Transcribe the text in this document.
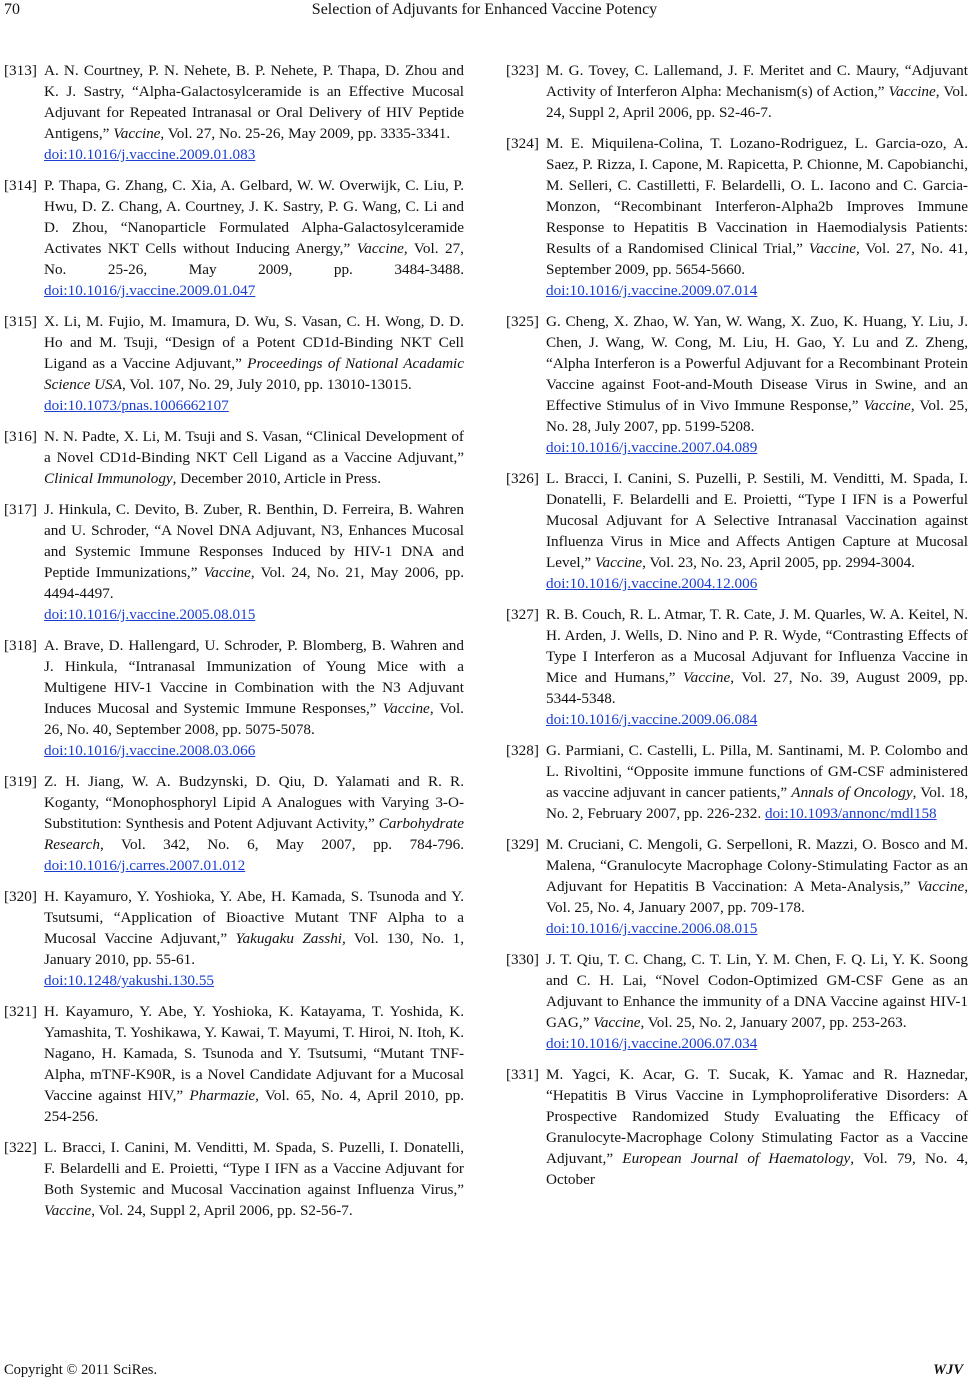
70	Selection of Adjuvants for Enhanced Vaccine Potency
[313] A. N. Courtney, P. N. Nehete, B. P. Nehete, P. Thapa, D. Zhou and K. J. Sastry, “Alpha-Galactosylceramide is an Effective Mucosal Adjuvant for Repeated Intranasal or Oral Delivery of HIV Peptide Antigens,” Vaccine, Vol. 27, No. 25-26, May 2009, pp. 3335-3341.
doi:10.1016/j.vaccine.2009.01.083
[314] P. Thapa, G. Zhang, C. Xia, A. Gelbard, W. W. Overwijk, C. Liu, P. Hwu, D. Z. Chang, A. Courtney, J. K. Sastry, P. G. Wang, C. Li and D. Zhou, “Nanoparticle Formulated Alpha-Galactosylceramide Activates NKT Cells without Inducing Anergy,” Vaccine, Vol. 27, No. 25-26, May 2009, pp. 3484-3488. doi:10.1016/j.vaccine.2009.01.047
[315] X. Li, M. Fujio, M. Imamura, D. Wu, S. Vasan, C. H. Wong, D. D. Ho and M. Tsuji, “Design of a Potent CD1d-Binding NKT Cell Ligand as a Vaccine Adjuvant,” Proceedings of National Acadamic Science USA, Vol. 107, No. 29, July 2010, pp. 13010-13015.
doi:10.1073/pnas.1006662107
[316] N. N. Padte, X. Li, M. Tsuji and S. Vasan, “Clinical Development of a Novel CD1d-Binding NKT Cell Ligand as a Vaccine Adjuvant,” Clinical Immunology, December 2010, Article in Press.
[317] J. Hinkula, C. Devito, B. Zuber, R. Benthin, D. Ferreira, B. Wahren and U. Schroder, “A Novel DNA Adjuvant, N3, Enhances Mucosal and Systemic Immune Responses Induced by HIV-1 DNA and Peptide Immunizations,” Vaccine, Vol. 24, No. 21, May 2006, pp. 4494-4497.
doi:10.1016/j.vaccine.2005.08.015
[318] A. Brave, D. Hallengard, U. Schroder, P. Blomberg, B. Wahren and J. Hinkula, “Intranasal Immunization of Young Mice with a Multigene HIV-1 Vaccine in Combination with the N3 Adjuvant Induces Mucosal and Systemic Immune Responses,” Vaccine, Vol. 26, No. 40, September 2008, pp. 5075-5078.
doi:10.1016/j.vaccine.2008.03.066
[319] Z. H. Jiang, W. A. Budzynski, D. Qiu, D. Yalamati and R. R. Koganty, “Monophosphoryl Lipid A Analogues with Varying 3-O-Substitution: Synthesis and Potent Adjuvant Activity,” Carbohydrate Research, Vol. 342, No. 6, May 2007, pp. 784-796. doi:10.1016/j.carres.2007.01.012
[320] H. Kayamuro, Y. Yoshioka, Y. Abe, H. Kamada, S. Tsunoda and Y. Tsutsumi, “Application of Bioactive Mutant TNF Alpha to a Mucosal Vaccine Adjuvant,” Yakugaku Zasshi, Vol. 130, No. 1, January 2010, pp. 55-61.
doi:10.1248/yakushi.130.55
[321] H. Kayamuro, Y. Abe, Y. Yoshioka, K. Katayama, T. Yoshida, K. Yamashita, T. Yoshikawa, Y. Kawai, T. Mayumi, T. Hiroi, N. Itoh, K. Nagano, H. Kamada, S. Tsunoda and Y. Tsutsumi, “Mutant TNF-Alpha, mTNF-K90R, is a Novel Candidate Adjuvant for a Mucosal Vaccine against HIV,” Pharmazie, Vol. 65, No. 4, April 2010, pp. 254-256.
[322] L. Bracci, I. Canini, M. Venditti, M. Spada, S. Puzelli, I. Donatelli, F. Belardelli and E. Proietti, “Type I IFN as a Vaccine Adjuvant for Both Systemic and Mucosal Vaccination against Influenza Virus,” Vaccine, Vol. 24, Suppl 2, April 2006, pp. S2-56-7.
[323] M. G. Tovey, C. Lallemand, J. F. Meritet and C. Maury, “Adjuvant Activity of Interferon Alpha: Mechanism(s) of Action,” Vaccine, Vol. 24, Suppl 2, April 2006, pp. S2-46-7.
[324] M. E. Miquilena-Colina, T. Lozano-Rodriguez, L. Garcia-ozo, A. Saez, P. Rizza, I. Capone, M. Rapicetta, P. Chionne, M. Capobianchi, M. Selleri, C. Castilletti, F. Belardelli, O. L. Iacono and C. Garcia-Monzon, “Recombinant Interferon-Alpha2b Improves Immune Response to Hepatitis B Vaccination in Haemodialysis Patients: Results of a Randomised Clinical Trial,” Vaccine, Vol. 27, No. 41, September 2009, pp. 5654-5660.
doi:10.1016/j.vaccine.2009.07.014
[325] G. Cheng, X. Zhao, W. Yan, W. Wang, X. Zuo, K. Huang, Y. Liu, J. Chen, J. Wang, W. Cong, M. Liu, H. Gao, Y. Lu and Z. Zheng, “Alpha Interferon is a Powerful Adjuvant for a Recombinant Protein Vaccine against Foot-and-Mouth Disease Virus in Swine, and an Effective Stimulus of in Vivo Immune Response,” Vaccine, Vol. 25, No. 28, July 2007, pp. 5199-5208.
doi:10.1016/j.vaccine.2007.04.089
[326] L. Bracci, I. Canini, S. Puzelli, P. Sestili, M. Venditti, M. Spada, I. Donatelli, F. Belardelli and E. Proietti, “Type I IFN is a Powerful Mucosal Adjuvant for A Selective Intranasal Vaccination against Influenza Virus in Mice and Affects Antigen Capture at Mucosal Level,” Vaccine, Vol. 23, No. 23, April 2005, pp. 2994-3004.
doi:10.1016/j.vaccine.2004.12.006
[327] R. B. Couch, R. L. Atmar, T. R. Cate, J. M. Quarles, W. A. Keitel, N. H. Arden, J. Wells, D. Nino and P. R. Wyde, “Contrasting Effects of Type I Interferon as a Mucosal Adjuvant for Influenza Vaccine in Mice and Humans,” Vaccine, Vol. 27, No. 39, August 2009, pp. 5344-5348.
doi:10.1016/j.vaccine.2009.06.084
[328] G. Parmiani, C. Castelli, L. Pilla, M. Santinami, M. P. Colombo and L. Rivoltini, “Opposite immune functions of GM-CSF administered as vaccine adjuvant in cancer patients,” Annals of Oncology, Vol. 18, No. 2, February 2007, pp. 226-232. doi:10.1093/annonc/mdl158
[329] M. Cruciani, C. Mengoli, G. Serpelloni, R. Mazzi, O. Bosco and M. Malena, “Granulocyte Macrophage Colony-Stimulating Factor as an Adjuvant for Hepatitis B Vaccination: A Meta-Analysis,” Vaccine, Vol. 25, No. 4, January 2007, pp. 709-178.
doi:10.1016/j.vaccine.2006.08.015
[330] J. T. Qiu, T. C. Chang, C. T. Lin, Y. M. Chen, F. Q. Li, Y. K. Soong and C. H. Lai, “Novel Codon-Optimized GM-CSF Gene as an Adjuvant to Enhance the immunity of a DNA Vaccine against HIV-1 GAG,” Vaccine, Vol. 25, No. 2, January 2007, pp. 253-263.
doi:10.1016/j.vaccine.2006.07.034
[331] M. Yagci, K. Acar, G. T. Sucak, K. Yamac and R. Haznedar, “Hepatitis B Virus Vaccine in Lymphoproliferative Disorders: A Prospective Randomized Study Evaluating the Efficacy of Granulocyte-Macrophage Colony Stimulating Factor as a Vaccine Adjuvant,” European Journal of Haematology, Vol. 79, No. 4, October
Copyright © 2011 SciRes.	WJV
